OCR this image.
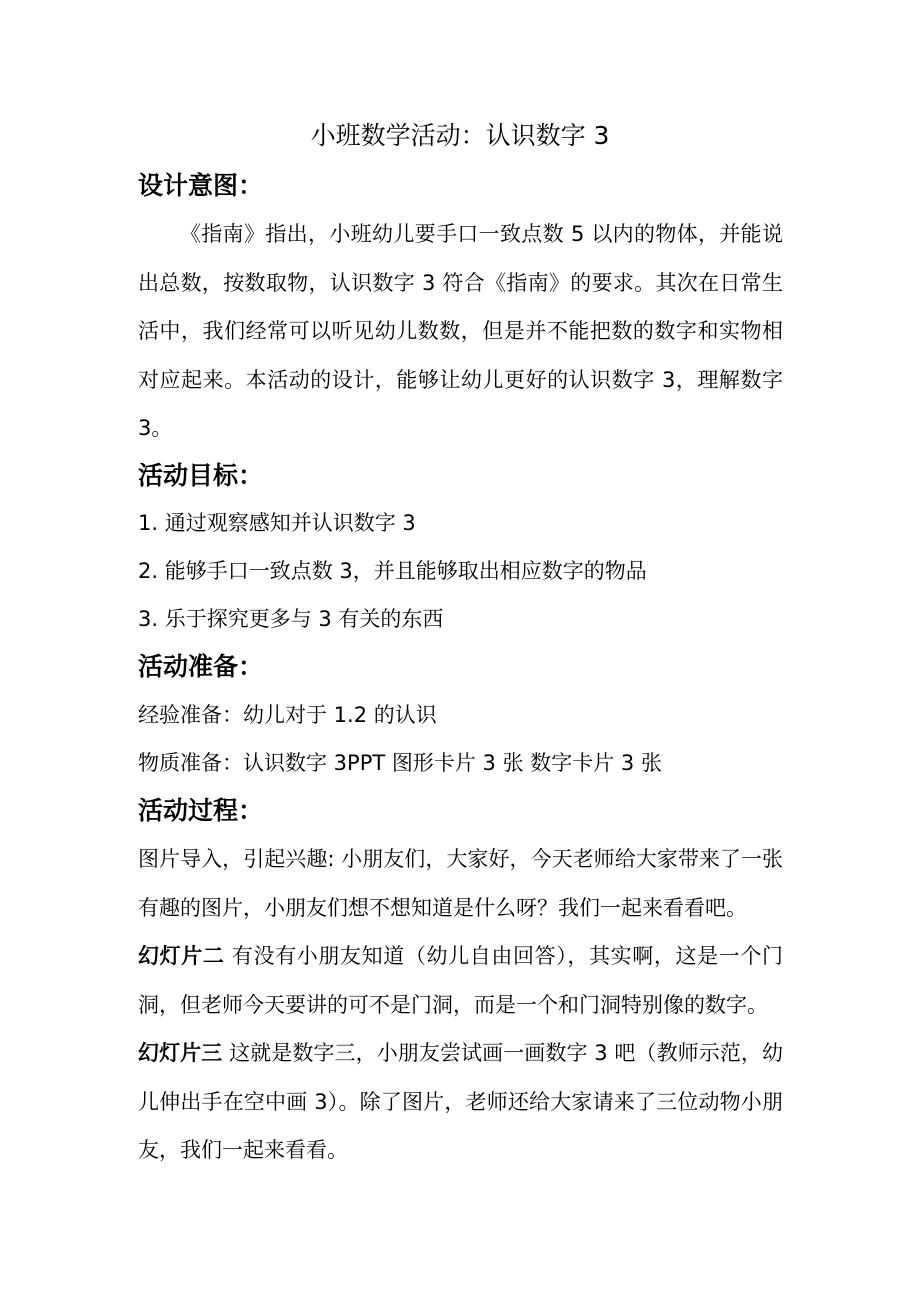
小班数学活动：认识数字 3
设计意图：

《指南》指出，小班幼儿要手口一致点数 5 以内的物体，并能说出总数，按数取物，认识数字 3 符合《指南》的要求。其次在日常生活中，我们经常可以听见幼儿数数，但是并不能把数的数字和实物相对应起来。本活动的设计，能够让幼儿更好的认识数字 3，理解数字 3。

活动目标：
1. 通过观察感知并认识数字 3
2. 能够手口一致点数 3，并且能够取出相应数字的物品
3. 乐于探究更多与 3 有关的东西
活动准备：
经验准备：幼儿对于 1.2 的认识
物质准备：认识数字 3PPT 图形卡片 3 张 数字卡片 3 张
活动过程：

图片导入，引起兴趣: 小朋友们，大家好，今天老师给大家带来了一张有趣的图片，小朋友们想不想知道是什么呀？我们一起来看看吧。

幻灯片二 有没有小朋友知道（幼儿自由回答），其实啊，这是一个门洞，但老师今天要讲的可不是门洞，而是一个和门洞特别像的数字。

幻灯片三 这就是数字三，小朋友尝试画一画数字 3 吧（教师示范，幼儿伸出手在空中画 3）。除了图片，老师还给大家请来了三位动物小朋友，我们一起来看看。
